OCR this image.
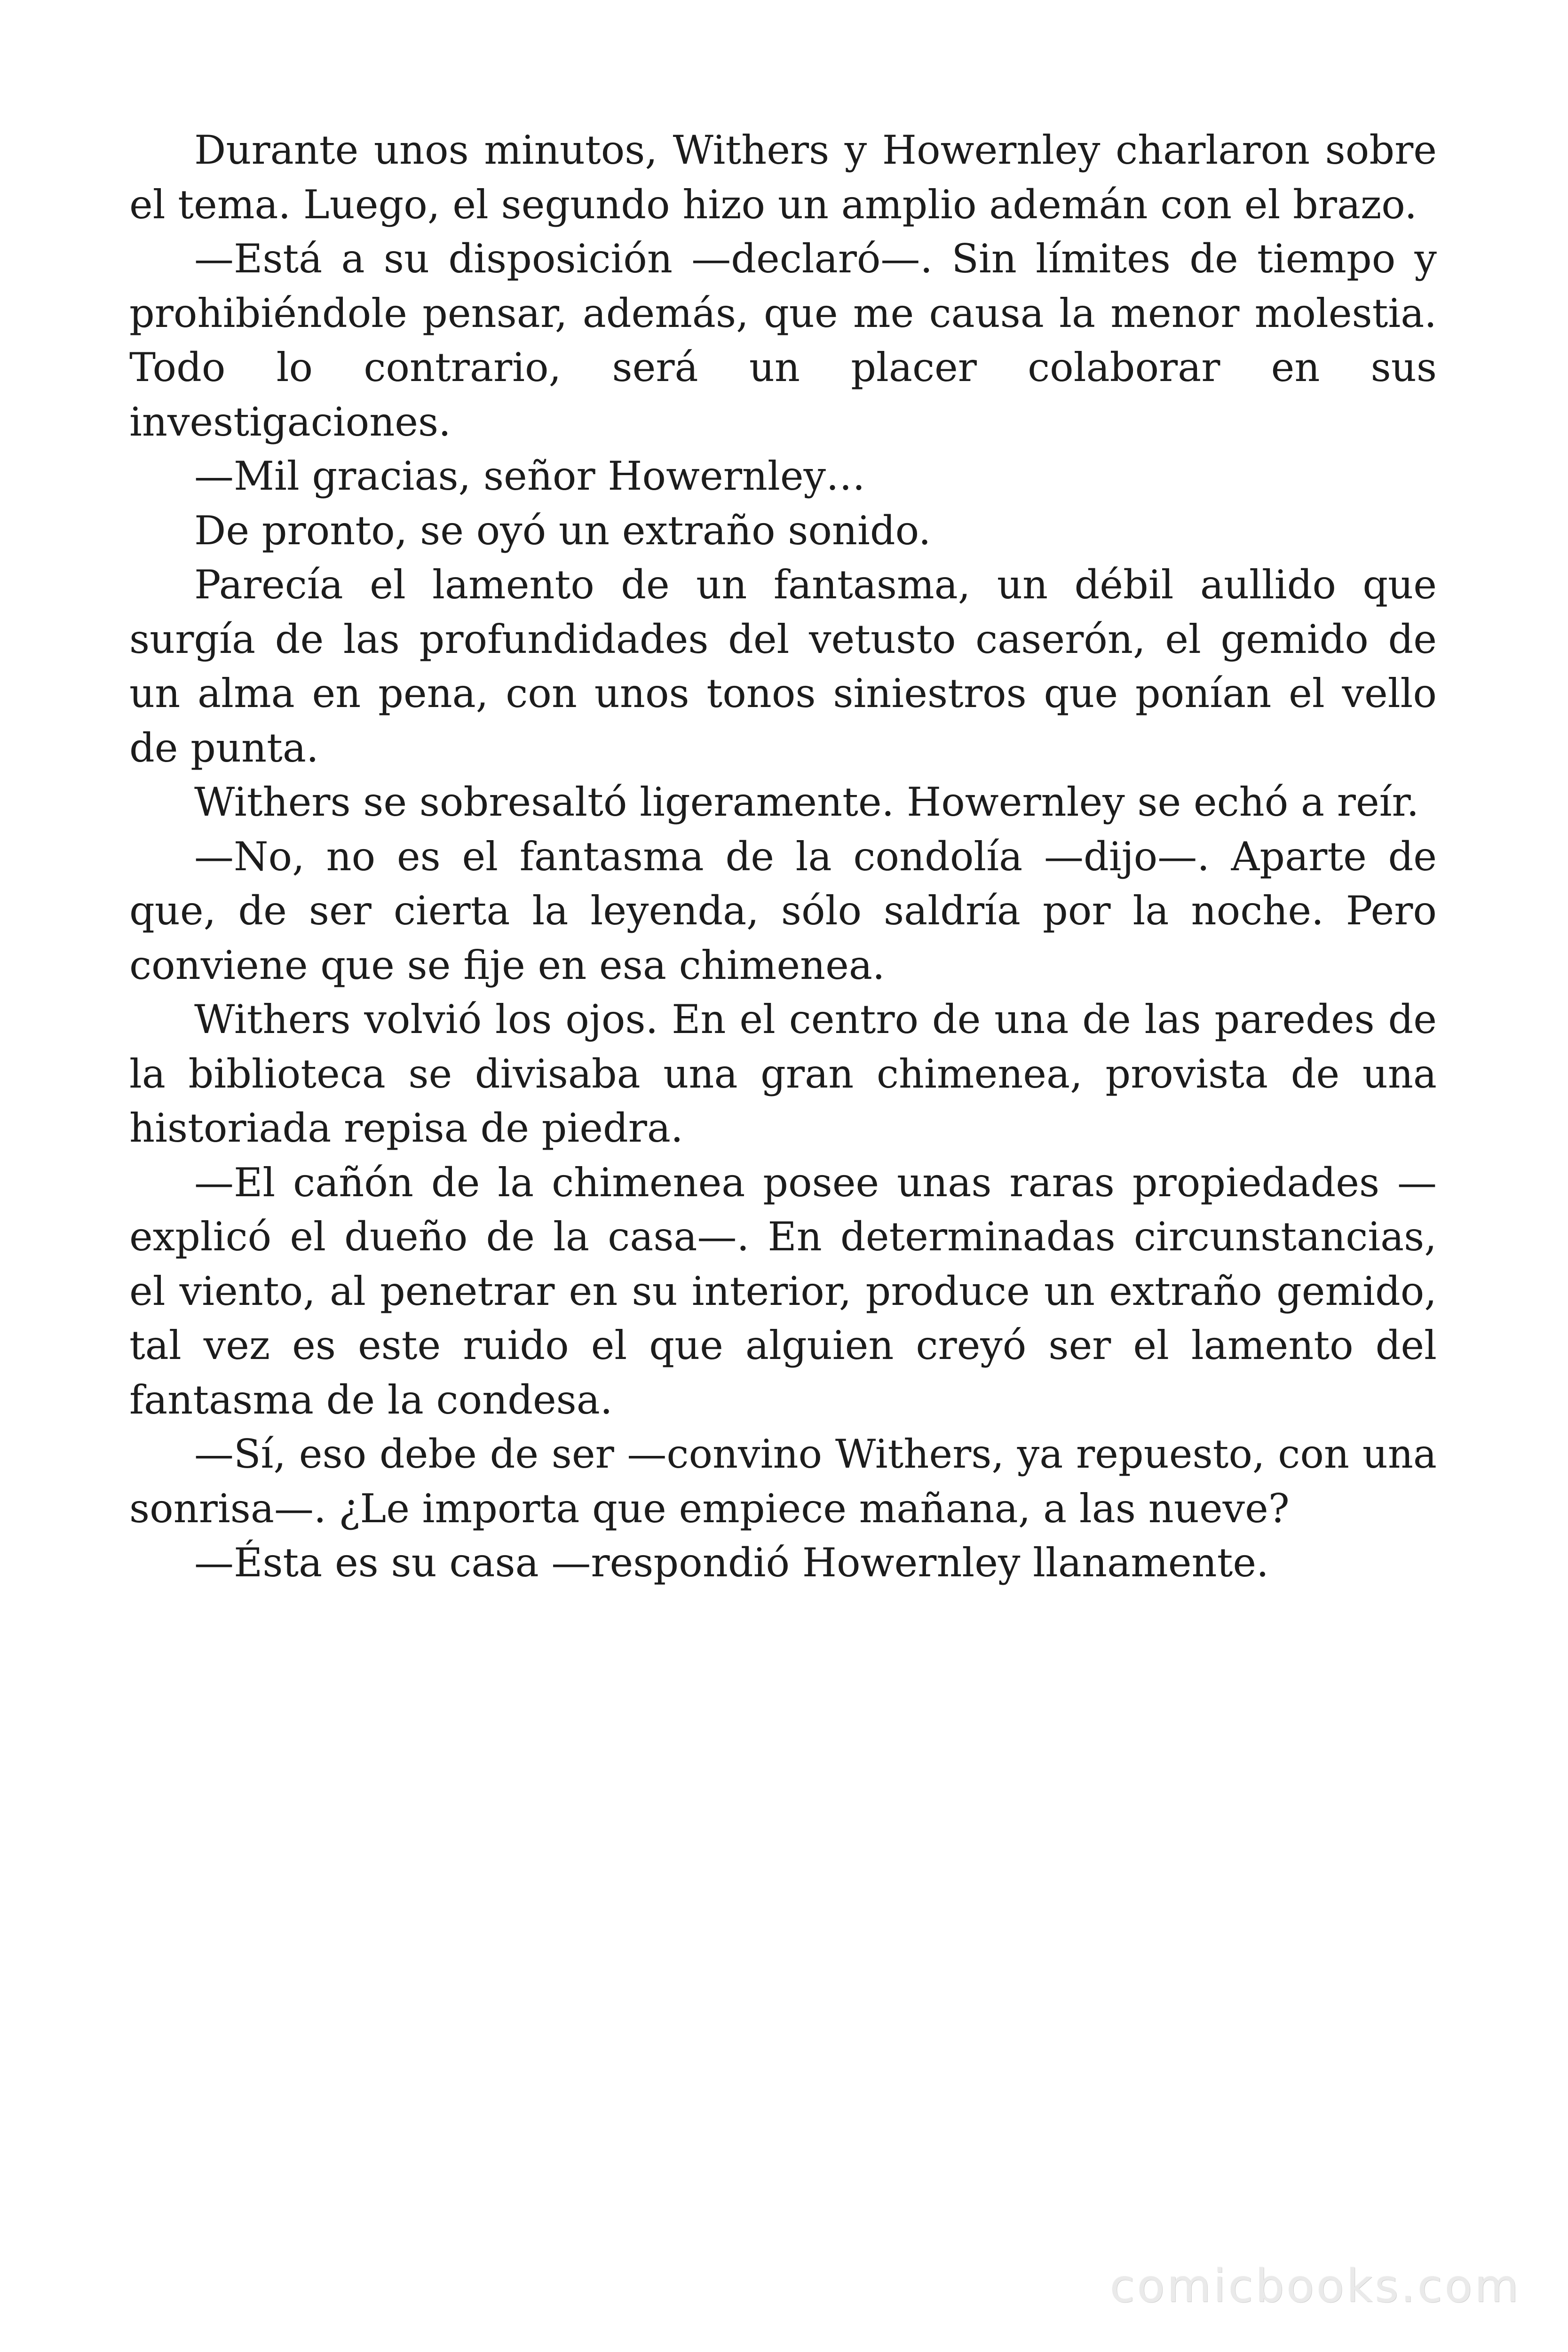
Durante unos minutos, Withers y Howernley charlaron sobre el tema. Luego, el segundo hizo un amplio ademán con el brazo.

—Está a su disposición —declaró—. Sin límites de tiempo y prohibiéndole pensar, además, que me causa la menor molestia. Todo lo contrario, será un placer colaborar en sus investigaciones.

—Mil gracias, señor Howernley…

De pronto, se oyó un extraño sonido.

Parecía el lamento de un fantasma, un débil aullido que surgía de las profundidades del vetusto caserón, el gemido de un alma en pena, con unos tonos siniestros que ponían el vello de punta.

Withers se sobresaltó ligeramente. Howernley se echó a reír.

—No, no es el fantasma de la condolía —dijo—. Aparte de que, de ser cierta la leyenda, sólo saldría por la noche. Pero conviene que se fije en esa chimenea.

Withers volvió los ojos. En el centro de una de las paredes de la biblioteca se divisaba una gran chimenea, provista de una historiada repisa de piedra.

—El cañón de la chimenea posee unas raras propiedades —explicó el dueño de la casa—. En determinadas circunstancias, el viento, al penetrar en su interior, produce un extraño gemido, tal vez es este ruido el que alguien creyó ser el lamento del fantasma de la condesa.

—Sí, eso debe de ser —convino Withers, ya repuesto, con una sonrisa—. ¿Le importa que empiece mañana, a las nueve?

—Ésta es su casa —respondió Howernley llanamente.

comicbooks.com
